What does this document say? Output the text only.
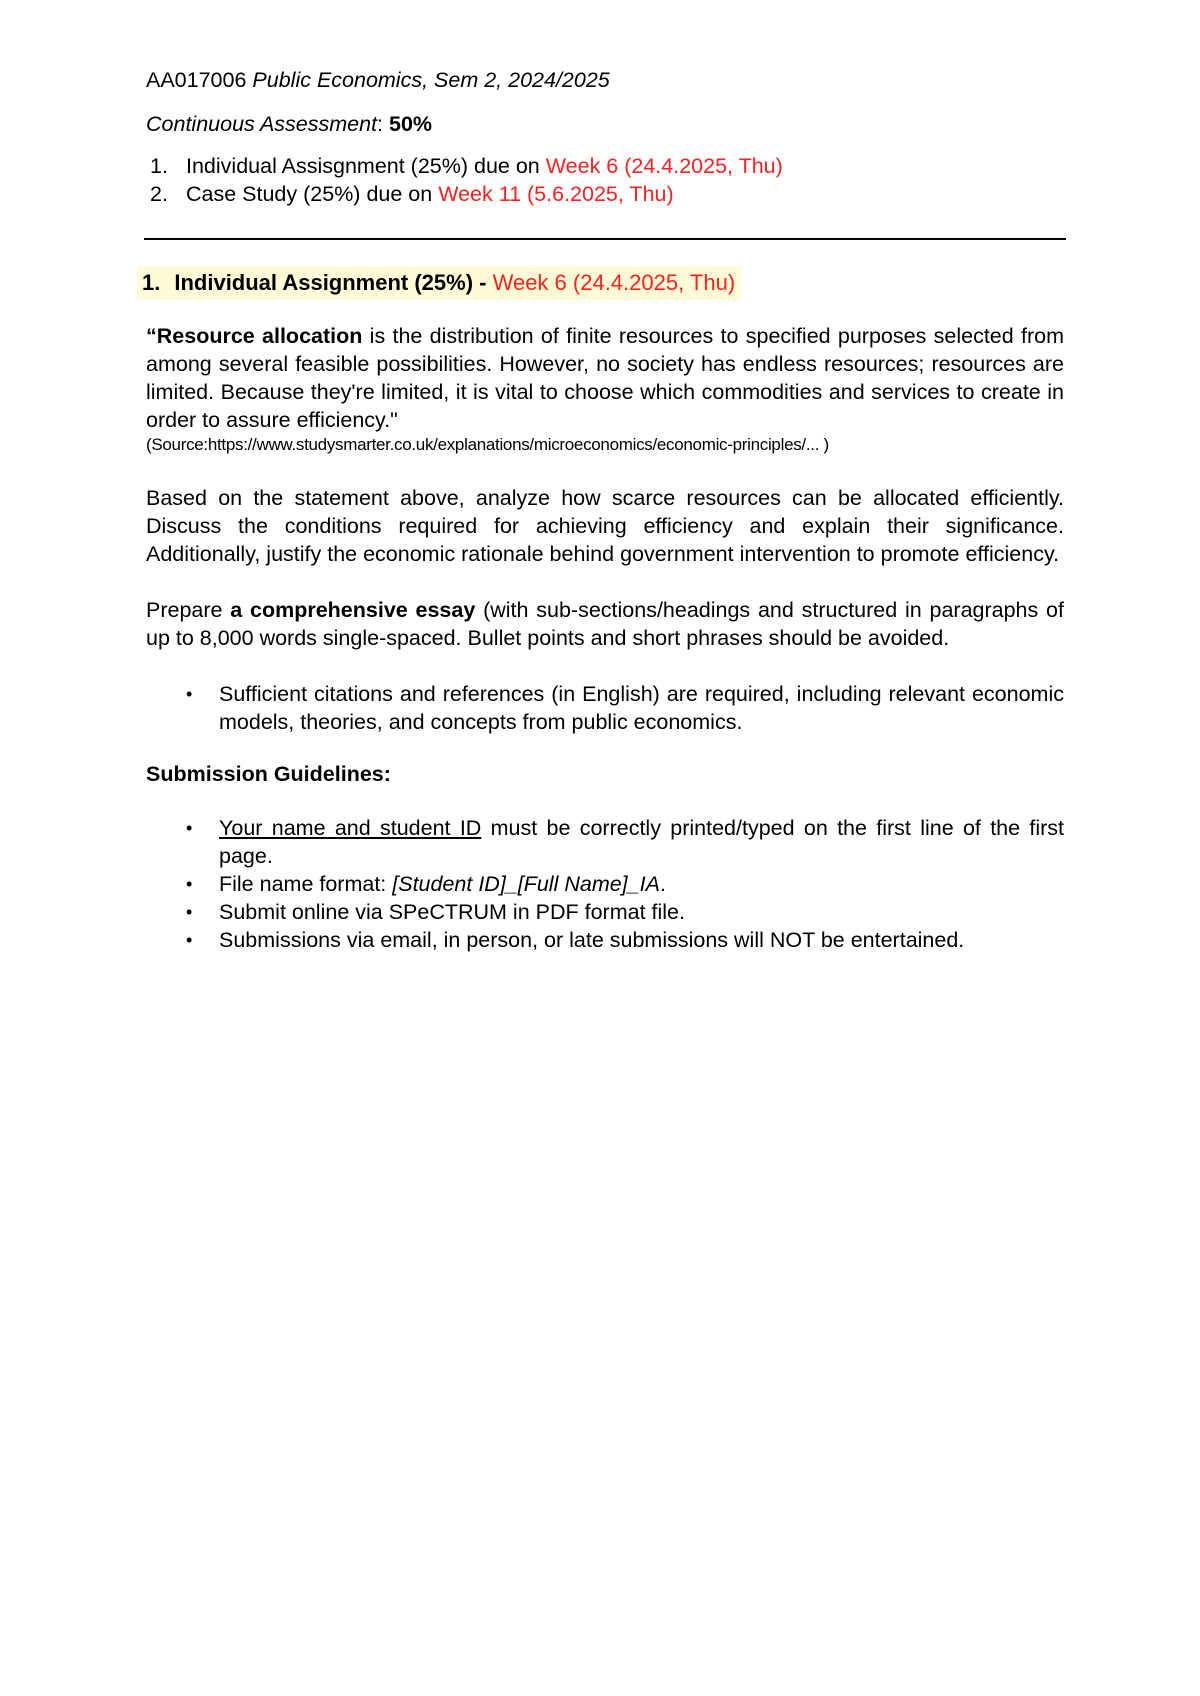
AA017006 Public Economics, Sem 2, 2024/2025

Continuous Assessment: 50%

1. Individual Assisgnment (25%) due on Week 6 (24.4.2025, Thu)
2. Case Study (25%) due on Week 11 (5.6.2025, Thu)
1. Individual Assignment (25%) - Week 6 (24.4.2025, Thu)

“Resource allocation is the distribution of finite resources to specified purposes selected from among several feasible possibilities. However, no society has endless resources; resources are limited. Because they're limited, it is vital to choose which commodities and services to create in order to assure efficiency."

(Source:https://www.studysmarter.co.uk/explanations/microeconomics/economic-principles/... )

Based on the statement above, analyze how scarce resources can be allocated efficiently. Discuss the conditions required for achieving efficiency and explain their significance. Additionally, justify the economic rationale behind government intervention to promote efficiency.

Prepare a comprehensive essay (with sub-sections/headings and structured in paragraphs of up to 8,000 words single-spaced. Bullet points and short phrases should be avoided.

• Sufficient citations and references (in English) are required, including relevant economic models, theories, and concepts from public economics.

Submission Guidelines:

• Your name and student ID must be correctly printed/typed on the first line of the first page.
• File name format: [Student ID]_[Full Name]_IA.
• Submit online via SPeCTRUM in PDF format file.
• Submissions via email, in person, or late submissions will NOT be entertained.
